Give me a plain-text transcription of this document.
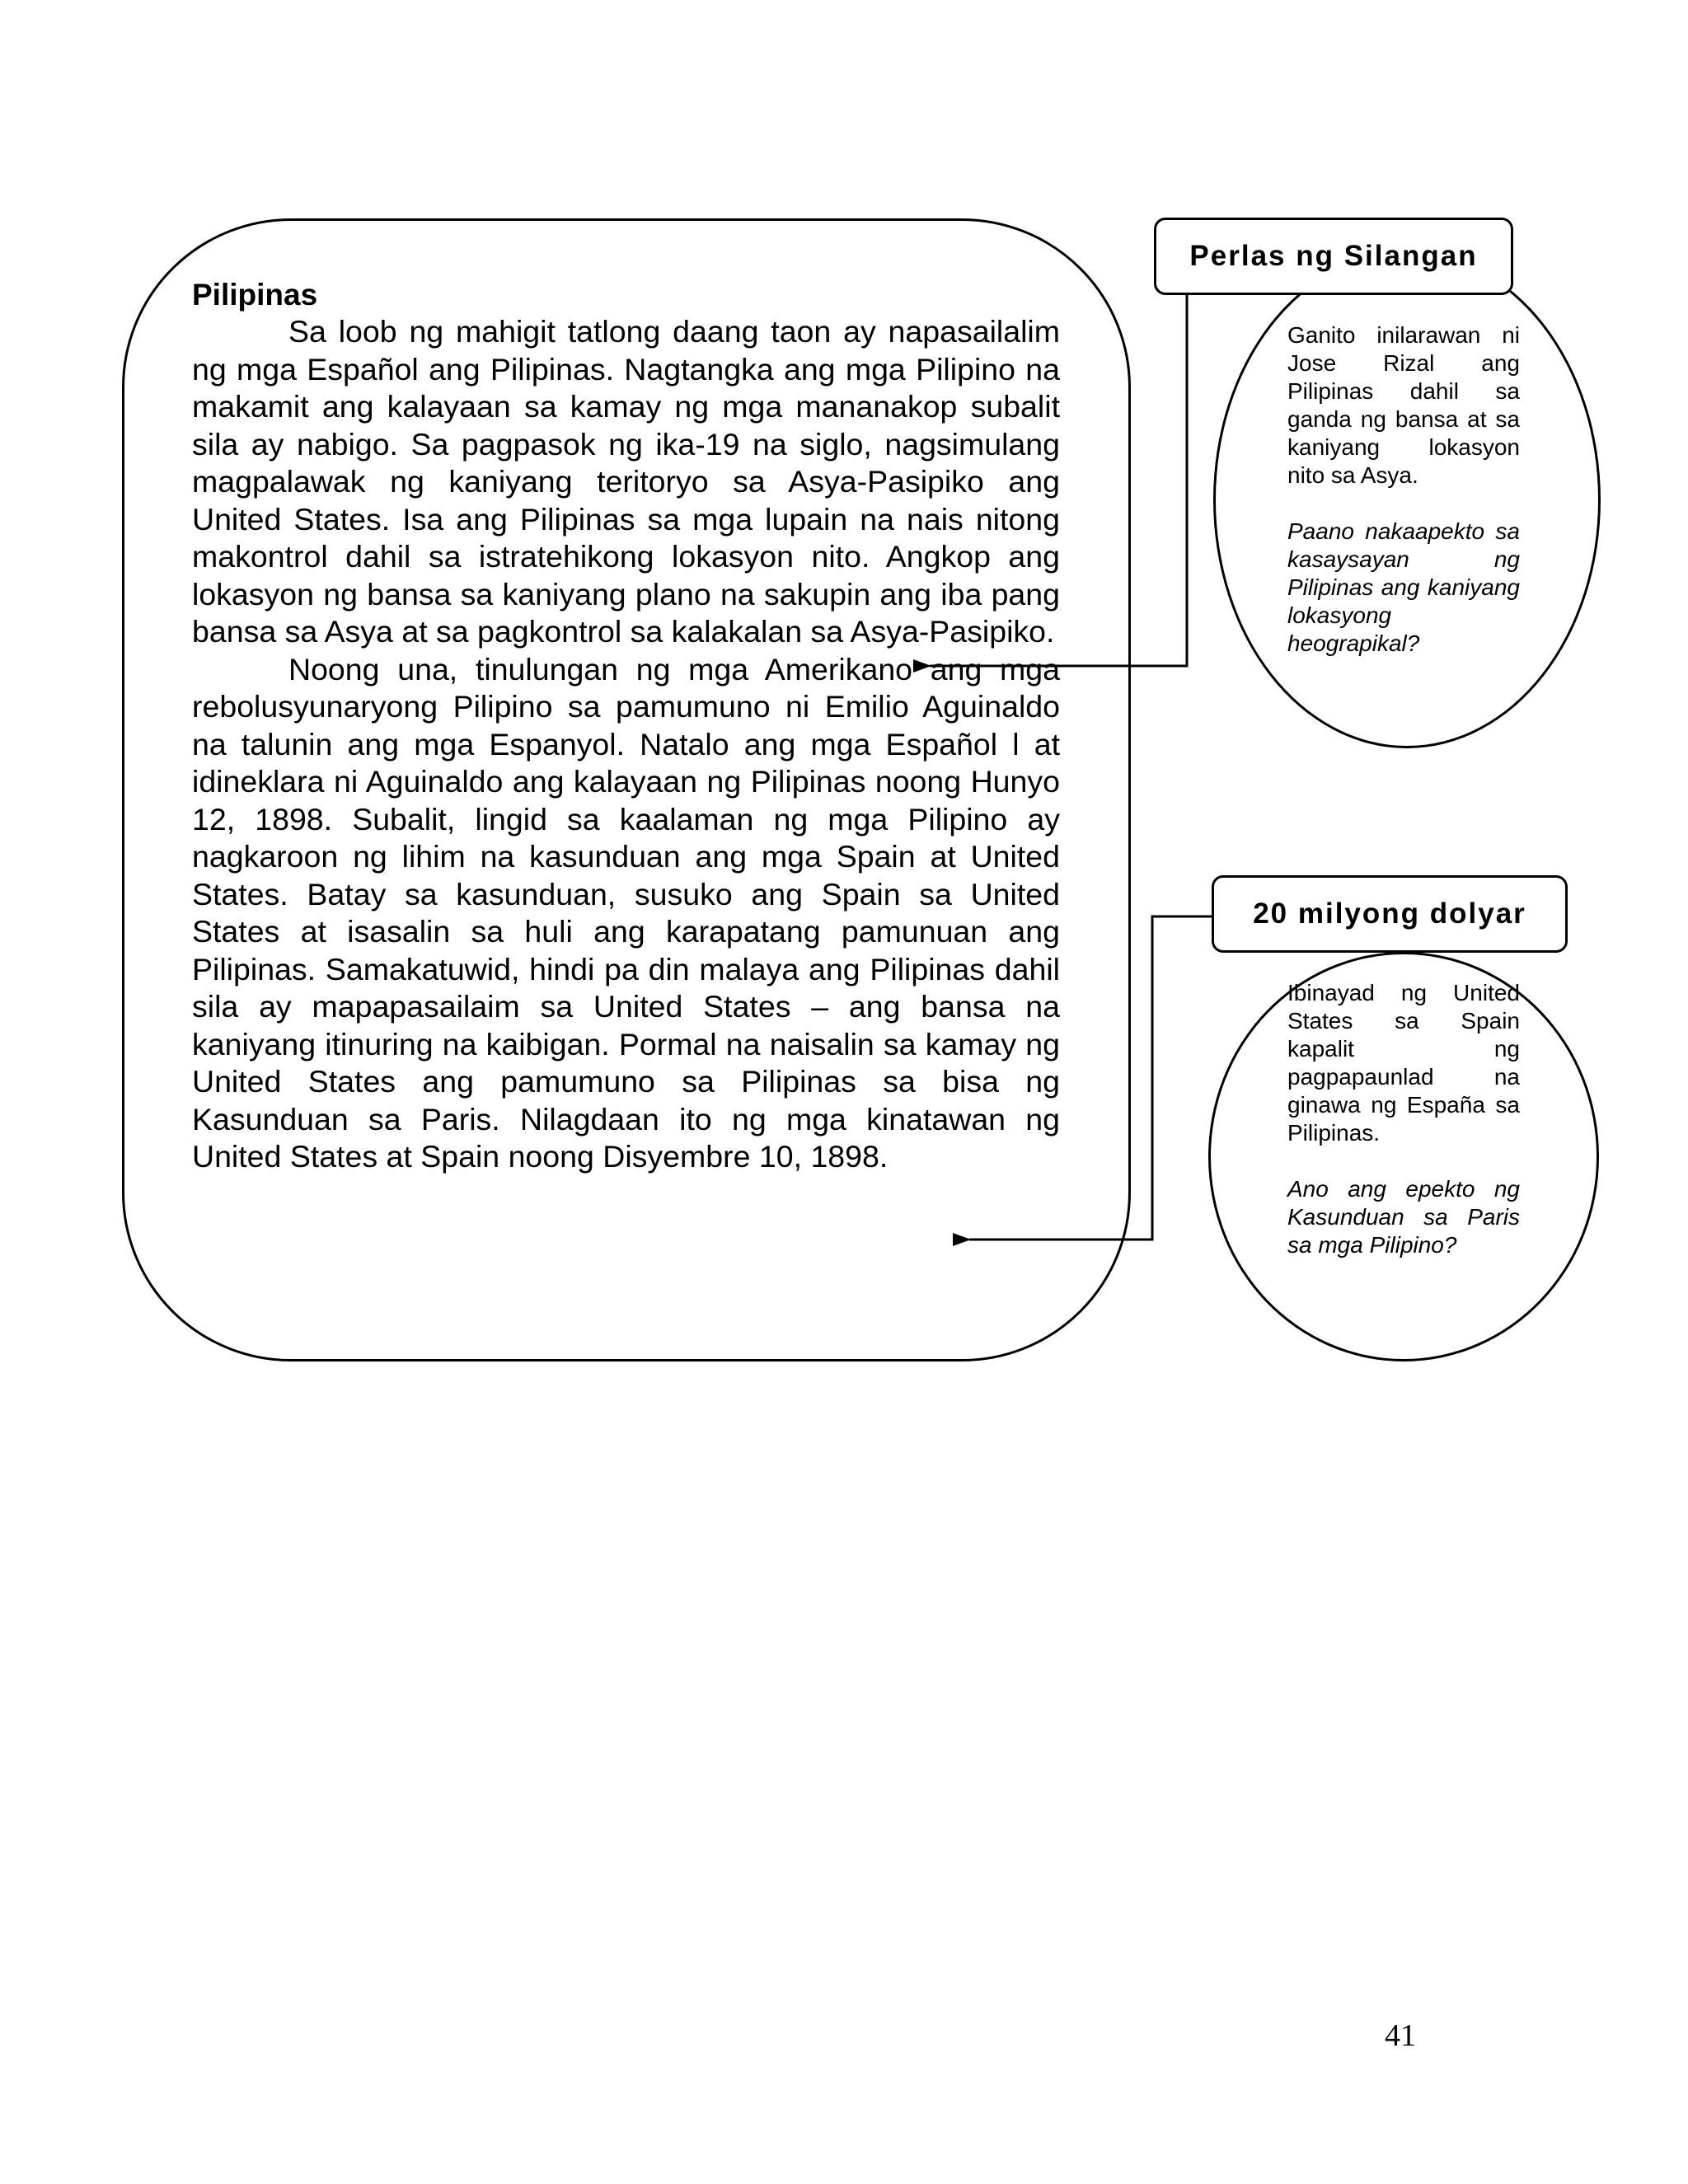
Pilipinas

Sa loob ng mahigit tatlong daang taon ay napasailalim ng mga Español ang Pilipinas. Nagtangka ang mga Pilipino na makamit ang kalayaan sa kamay ng mga mananakop subalit sila ay nabigo. Sa pagpasok ng ika-19 na siglo, nagsimulang magpalawak ng kaniyang teritoryo sa Asya-Pasipiko ang United States. Isa ang Pilipinas sa mga lupain na nais nitong makontrol dahil sa istratehikong lokasyon nito. Angkop ang lokasyon ng bansa sa kaniyang plano na sakupin ang iba pang bansa sa Asya at sa pagkontrol sa kalakalan sa Asya-Pasipiko.

Noong una, tinulungan ng mga Amerikano ang mga rebolusyunaryong Pilipino sa pamumuno ni Emilio Aguinaldo na talunin ang mga Espanyol. Natalo ang mga Español l at idineklara ni Aguinaldo ang kalayaan ng Pilipinas noong Hunyo 12, 1898. Subalit, lingid sa kaalaman ng mga Pilipino ay nagkaroon ng lihim na kasunduan ang mga Spain at United States. Batay sa kasunduan, susuko ang Spain sa United States at isasalin sa huli ang karapatang pamunuan ang Pilipinas. Samakatuwid, hindi pa din malaya ang Pilipinas dahil sila ay mapapasailaim sa United States – ang bansa na kaniyang itinuring na kaibigan. Pormal na naisalin sa kamay ng United States ang pamumuno sa Pilipinas sa bisa ng Kasunduan sa Paris. Nilagdaan ito ng mga kinatawan ng United States at Spain noong Disyembre 10, 1898.

Perlas ng Silangan

Ganito inilarawan ni Jose Rizal ang Pilipinas dahil sa ganda ng bansa at sa kaniyang lokasyon nito sa Asya.

Paano nakaapekto sa kasaysayan ng Pilipinas ang kaniyang lokasyong heograpikal?

20 milyong dolyar

Ibinayad ng United States sa Spain kapalit ng pagpapaunlad na ginawa ng España sa Pilipinas.

Ano ang epekto ng Kasunduan sa Paris sa mga Pilipino?

41
